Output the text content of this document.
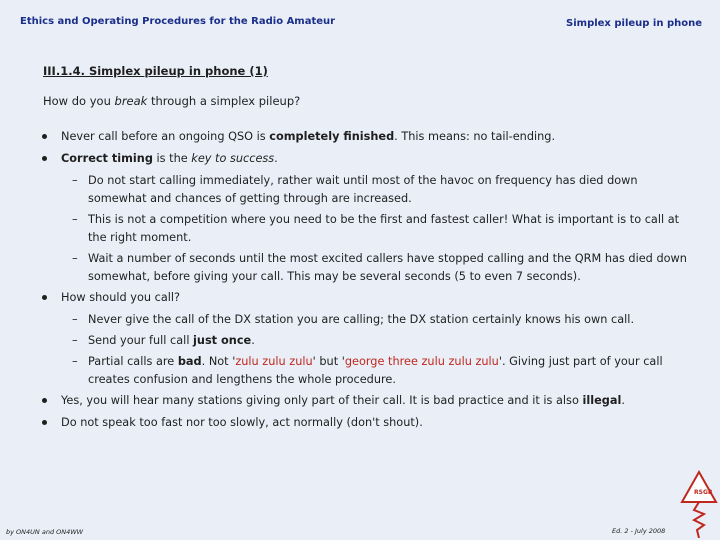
Ethics and Operating Procedures for the Radio Amateur	Simplex pileup in phone
III.1.4. Simplex pileup in phone (1)
How do you break through a simplex pileup?
Never call before an ongoing QSO is completely finished. This means: no tail-ending.
Correct timing is the key to success.
– Do not start calling immediately, rather wait until most of the havoc on frequency has died down somewhat and chances of getting through are increased.
– This is not a competition where you need to be the first and fastest caller! What is important is to call at the right moment.
– Wait a number of seconds until the most excited callers have stopped calling and the QRM has died down somewhat, before giving your call. This may be several seconds (5 to even 7 seconds).
How should you call?
– Never give the call of the DX station you are calling; the DX station certainly knows his own call.
– Send your full call just once.
– Partial calls are bad. Not 'zulu zulu zulu' but 'george three zulu zulu zulu'. Giving just part of your call creates confusion and lengthens the whole procedure.
Yes, you will hear many stations giving only part of their call. It is bad practice and it is also illegal.
Do not speak too fast nor too slowly, act normally (don't shout).
by ON4UN and ON4WW	Ed. 2 - July 2008
RSGB
